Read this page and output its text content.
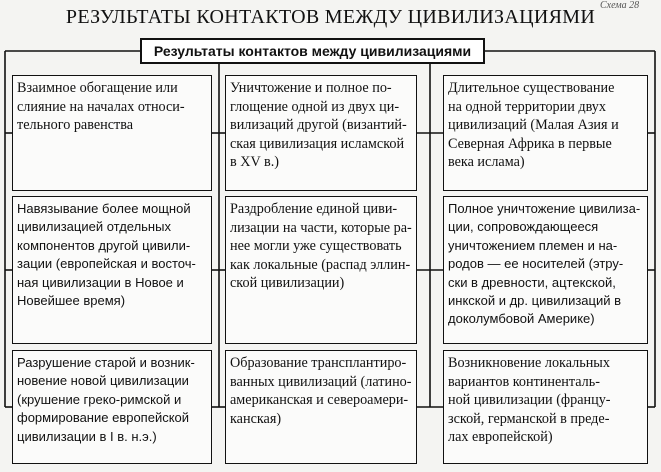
Схема 28
РЕЗУЛЬТАТЫ КОНТАКТОВ МЕЖДУ ЦИВИЛИЗАЦИЯМИ
Результаты контактов между цивилизациями
Взаимное обогащение или
слияние на началах относи-
тельного равенства
Уничтожение и полное по-
глощение одной из двух ци-
вилизаций другой (византий-
ская цивилизация исламской
в XV в.)
Длительное существование
на одной территории двух
цивилизаций (Малая Азия и
Северная Африка в первые
века ислама)
Навязывание более мощной
цивилизацией отдельных
компонентов другой цивили-
зации (европейская и восточ-
ная цивилизации в Новое и
Новейшее время)
Раздробление единой циви-
лизации на части, которые ра-
нее могли уже существовать
как локальные (распад эллин-
ской цивилизации)
Полное уничтожение цивилиза-
ции, сопровождающееся
уничтожением племен и на-
родов — ее носителей (этру-
ски в древности, ацтекской,
инкской и др. цивилизаций в
доколумбовой Америке)
Разрушение старой и возник-
новение новой цивилизации
(крушение греко-римской и
формирование европейской
цивилизации в I в. н.э.)
Образование трансплантиро-
ванных цивилизаций (латино-
американская и североамери-
канская)
Возникновение локальных
вариантов континенталь-
ной цивилизации (францу-
зской, германской в преде-
лах европейской)
